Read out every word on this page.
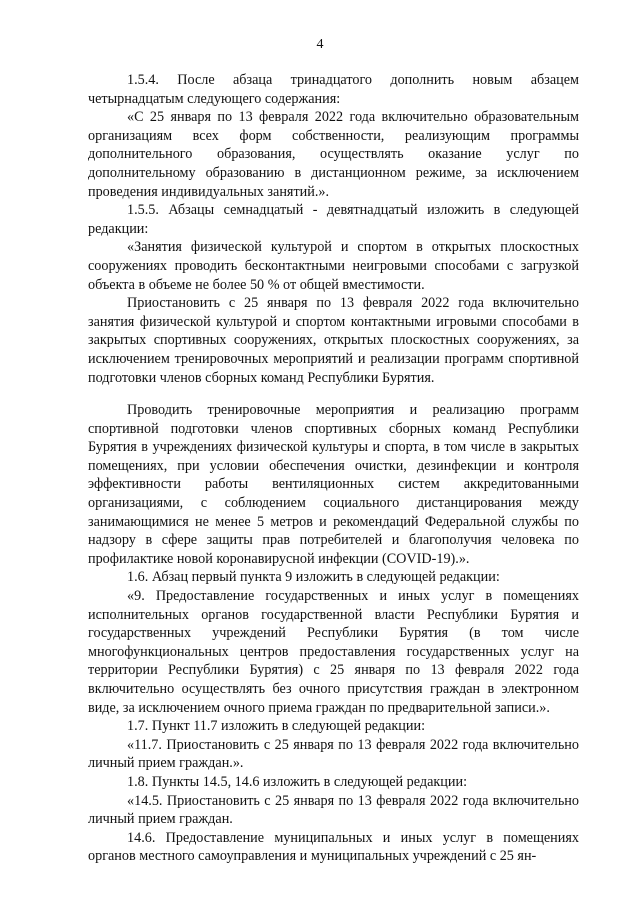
4

1.5.4. После абзаца тринадцатого дополнить новым абзацем четырнадцатым следующего содержания:

«С 25 января по 13 февраля 2022 года включительно образовательным организациям всех форм собственности, реализующим программы дополнительного образования, осуществлять оказание услуг по дополнительному образованию в дистанционном режиме, за исключением проведения индивидуальных занятий.».

1.5.5. Абзацы семнадцатый - девятнадцатый изложить в следующей редакции:

«Занятия физической культурой и спортом в открытых плоскостных сооружениях проводить бесконтактными неигровыми способами с загрузкой объекта в объеме не более 50 % от общей вместимости.

Приостановить с 25 января по 13 февраля 2022 года включительно занятия физической культурой и спортом контактными игровыми способами в закрытых спортивных сооружениях, открытых плоскостных сооружениях, за исключением тренировочных мероприятий и реализации программ спортивной подготовки членов сборных команд Республики Бурятия.

Проводить тренировочные мероприятия и реализацию программ спортивной подготовки членов спортивных сборных команд Республики Бурятия в учреждениях физической культуры и спорта, в том числе в закрытых помещениях, при условии обеспечения очистки, дезинфекции и контроля эффективности работы вентиляционных систем аккредитованными организациями, с соблюдением социального дистанцирования между занимающимися не менее 5 метров и рекомендаций Федеральной службы по надзору в сфере защиты прав потребителей и благополучия человека по профилактике новой коронавирусной инфекции (COVID-19).».

1.6. Абзац первый пункта 9 изложить в следующей редакции:

«9. Предоставление государственных и иных услуг в помещениях исполнительных органов государственной власти Республики Бурятия и государственных учреждений Республики Бурятия (в том числе многофункциональных центров предоставления государственных услуг на территории Республики Бурятия) с 25 января по 13 февраля 2022 года включительно осуществлять без очного присутствия граждан в электронном виде, за исключением очного приема граждан по предварительной записи.».

1.7. Пункт 11.7 изложить в следующей редакции:

«11.7. Приостановить с 25 января по 13 февраля 2022 года включительно личный прием граждан.».

1.8. Пункты 14.5, 14.6 изложить в следующей редакции:

«14.5. Приостановить с 25 января по 13 февраля 2022 года включительно личный прием граждан.

14.6. Предоставление муниципальных и иных услуг в помещениях органов местного самоуправления и муниципальных учреждений с 25 ян-
